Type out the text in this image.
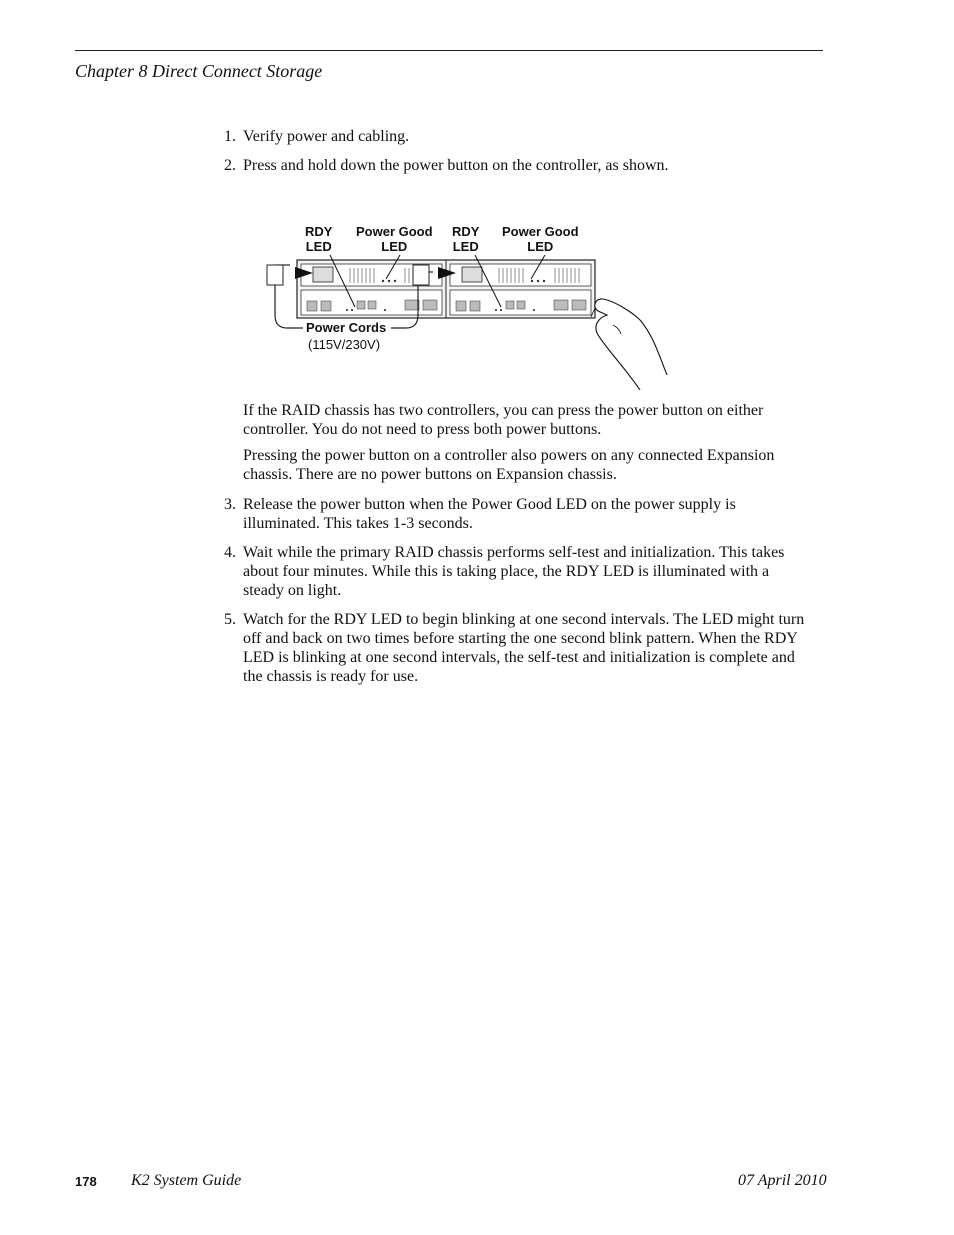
Chapter 8 Direct Connect Storage
1. Verify power and cabling.
2. Press and hold down the power button on the controller, as shown.
RDY
LED
Power Good
LED
RDY
LED
Power Good
LED
Power Cords
(115V/230V)
If the RAID chassis has two controllers, you can press the power button on either controller. You do not need to press both power buttons.
Pressing the power button on a controller also powers on any connected Expansion chassis. There are no power buttons on Expansion chassis.
3. Release the power button when the Power Good LED on the power supply is illuminated. This takes 1-3 seconds.
4. Wait while the primary RAID chassis performs self-test and initialization. This takes about four minutes. While this is taking place, the RDY LED is illuminated with a steady on light.
5. Watch for the RDY LED to begin blinking at one second intervals. The LED might turn off and back on two times before starting the one second blink pattern. When the RDY LED is blinking at one second intervals, the self-test and initialization is complete and the chassis is ready for use.
178 K2 System Guide	07 April 2010
